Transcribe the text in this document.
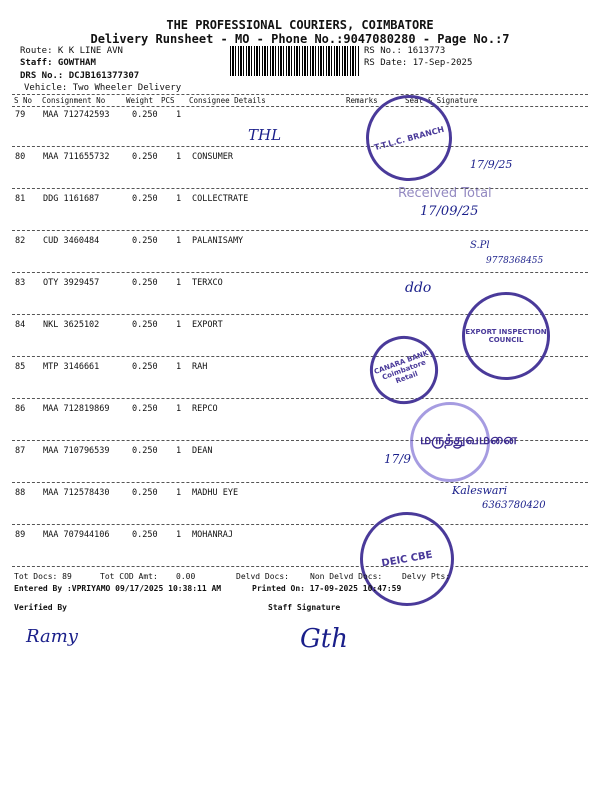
THE PROFESSIONAL COURIERS, COIMBATORE
Delivery Runsheet - MO - Phone No.:9047080280 - Page No.:7
Route: K K LINE AVN
Staff: GOWTHAM
DRS No.: DCJB161377307
Vehicle: Two Wheeler Delivery
RS No.: 1613773
RS Date: 17-Sep-2025
S No Consignment No	Weight PCS Consignee Details	Remarks	Seal & Signature
79 MAA 712742593	0.250 1
80 MAA 711655732	0.250 1 CONSUMER
81 DDG 1161687	0.250 1 COLLECTRATE
82 CUD 3460484	0.250 1 PALANISAMY
83 OTY 3929457	0.250 1 TERXCO
84 NKL 3625102	0.250 1 EXPORT
85 MTP 3146661	0.250 1 RAH
86 MAA 712819869	0.250 1 REPCO
87 MAA 710796539	0.250 1 DEAN
88 MAA 712578430	0.250 1 MADHU EYE
89 MAA 707944106	0.250 1 MOHANRAJ
T.T.L.C. BRANCH
CANARA BANK Coimbatore Retail
EXPORT INSPECTION COUNCIL
DEIC CBE
மருத்துவமனை
THL
17/9/25
Received Total
17/09/25
S.Pl
9778368455
ddo
17/9
Kaleswari
6363780420
Tot Docs: 89	Tot COD Amt: 0.00	Delvd Docs:	Non Delvd Docs: Delvy Pts:
Entered By :VPRIYAMO 09/17/2025 10:38:11 AM	Printed On: 17-09-2025 10:47:59
Verified By	Staff Signature
Ramy	Gth
